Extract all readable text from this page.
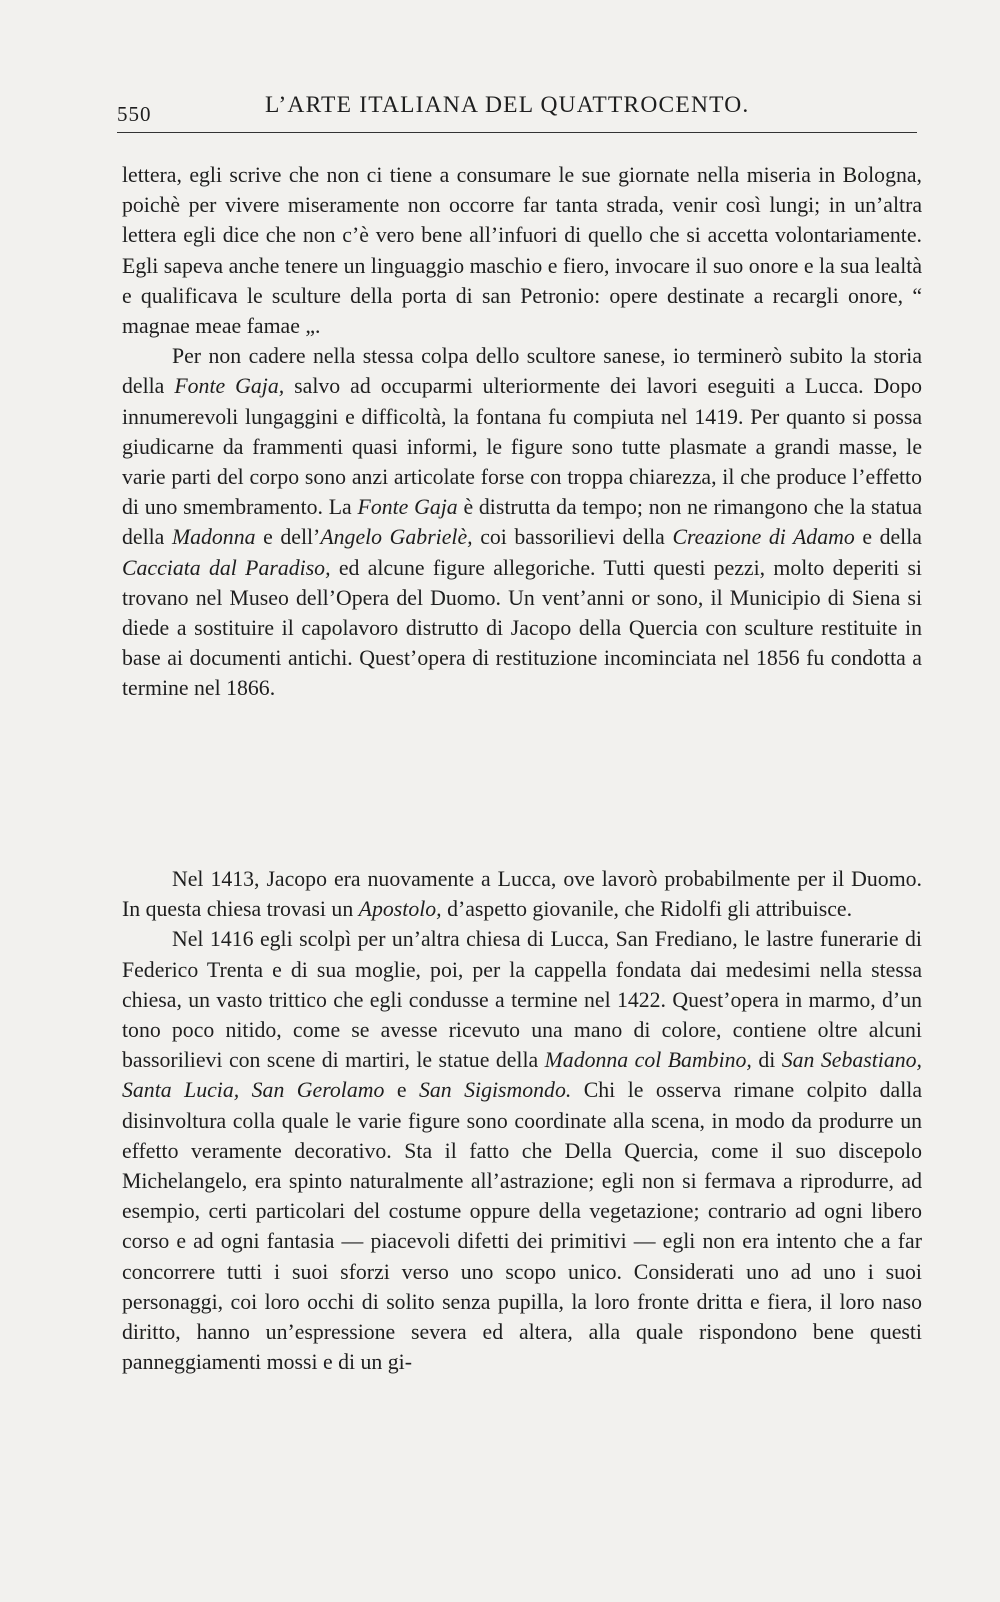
550	L’ARTE ITALIANA DEL QUATTROCENTO.

lettera, egli scrive che non ci tiene a consumare le sue giornate nella miseria in Bologna, poichè per vivere miseramente non occorre far tanta strada, venir così lungi; in un’altra lettera egli dice che non c’è vero bene all’infuori di quello che si accetta volontariamente. Egli sapeva anche tenere un linguaggio maschio e fiero, invocare il suo onore e la sua lealtà e qualificava le sculture della porta di san Petronio: opere destinate a recargli onore, “ magnae meae famae „.

Per non cadere nella stessa colpa dello scultore sanese, io terminerò subito la storia della Fonte Gaja, salvo ad occuparmi ulteriormente dei lavori eseguiti a Lucca. Dopo innumerevoli lungaggini e difficoltà, la fontana fu compiuta nel 1419. Per quanto si possa giudicarne da frammenti quasi informi, le figure sono tutte plasmate a grandi masse, le varie parti del corpo sono anzi articolate forse con troppa chiarezza, il che produce l’effetto di uno smembramento. La Fonte Gaja è distrutta da tempo; non ne rimangono che la statua della Madonna e dell’Angelo Gabrielè, coi bassorilievi della Creazione di Adamo e della Cacciata dal Paradiso, ed alcune figure allegoriche. Tutti questi pezzi, molto deperiti si trovano nel Museo dell’Opera del Duomo. Un vent’anni or sono, il Municipio di Siena si diede a sostituire il capolavoro distrutto di Jacopo della Quercia con sculture restituite in base ai documenti antichi. Quest’opera di restituzione incominciata nel 1856 fu condotta a termine nel 1866.

Nel 1413, Jacopo era nuovamente a Lucca, ove lavorò probabilmente per il Duomo. In questa chiesa trovasi un Apostolo, d’aspetto giovanile, che Ridolfi gli attribuisce.

Nel 1416 egli scolpì per un’altra chiesa di Lucca, San Frediano, le lastre funerarie di Federico Trenta e di sua moglie, poi, per la cappella fondata dai medesimi nella stessa chiesa, un vasto trittico che egli condusse a termine nel 1422. Quest’opera in marmo, d’un tono poco nitido, come se avesse ricevuto una mano di colore, contiene oltre alcuni bassorilievi con scene di martiri, le statue della Madonna col Bambino, di San Sebastiano, Santa Lucia, San Gerolamo e San Sigismondo. Chi le osserva rimane colpito dalla disinvoltura colla quale le varie figure sono coordinate alla scena, in modo da produrre un effetto veramente decorativo. Sta il fatto che Della Quercia, come il suo discepolo Michelangelo, era spinto naturalmente all’astrazione; egli non si fermava a riprodurre, ad esempio, certi particolari del costume oppure della vegetazione; contrario ad ogni libero corso e ad ogni fantasia — piacevoli difetti dei primitivi — egli non era intento che a far concorrere tutti i suoi sforzi verso uno scopo unico. Considerati uno ad uno i suoi personaggi, coi loro occhi di solito senza pupilla, la loro fronte dritta e fiera, il loro naso diritto, hanno un’espressione severa ed altera, alla quale rispondono bene questi panneggiamenti mossi e di un gi-
